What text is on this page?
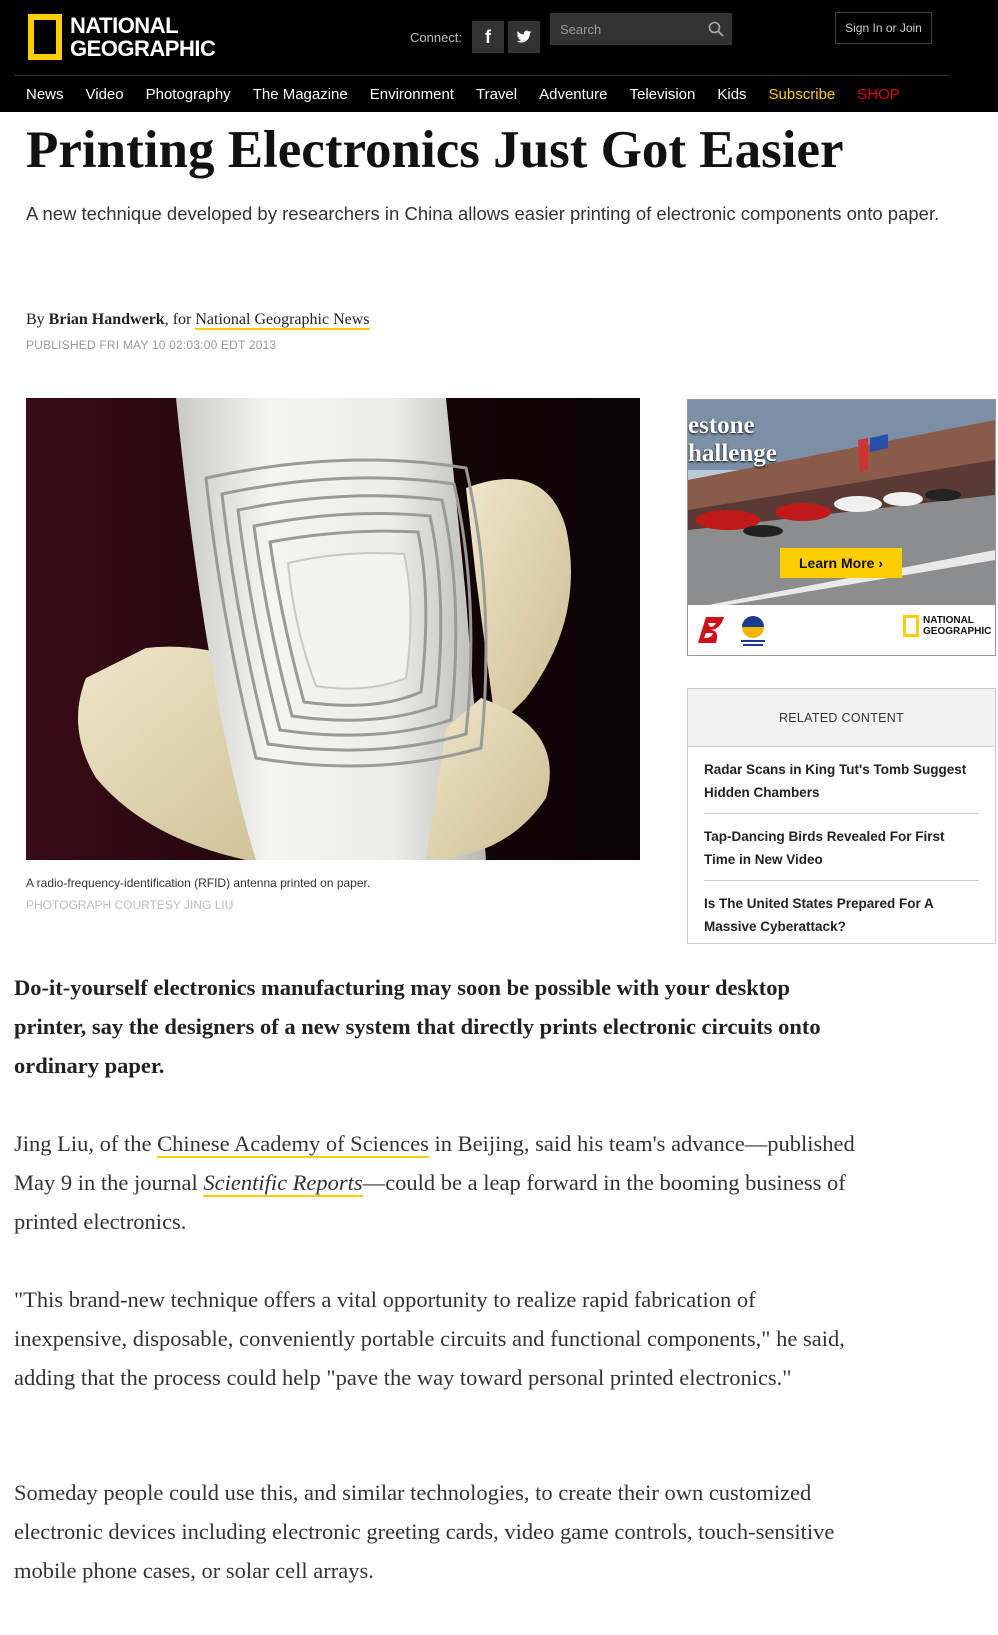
NATIONAL
GEOGRAPHIC	Connect: f
Search	Sign In or Join
News Video Photography The Magazine Environment Travel Adventure Television Kids Subscribe SHOP
Printing Electronics Just Got Easier
A new technique developed by researchers in China allows easier printing of electronic components onto paper.
By Brian Handwerk, for National Geographic News
PUBLISHED FRI MAY 10 02:03:00 EDT 2013
A radio-frequency-identification (RFID) antenna printed on paper.
PHOTOGRAPH COURTESY JING LIU
estone
hallenge
Learn More ›
NATIONAL
GEOGRAPHIC
RELATED CONTENT
Radar Scans in King Tut's Tomb Suggest Hidden Chambers
Tap-Dancing Birds Revealed For First Time in New Video
Is The United States Prepared For A Massive Cyberattack?
Do-it-yourself electronics manufacturing may soon be possible with your desktop printer, say the designers of a new system that directly prints electronic circuits onto ordinary paper.
Jing Liu, of the Chinese Academy of Sciences in Beijing, said his team's advance—published May 9 in the journal Scientific Reports—could be a leap forward in the booming business of printed electronics.
"This brand-new technique offers a vital opportunity to realize rapid fabrication of inexpensive, disposable, conveniently portable circuits and functional components," he said, adding that the process could help "pave the way toward personal printed electronics."
Someday people could use this, and similar technologies, to create their own customized electronic devices including electronic greeting cards, video game controls, touch-sensitive mobile phone cases, or solar cell arrays.
